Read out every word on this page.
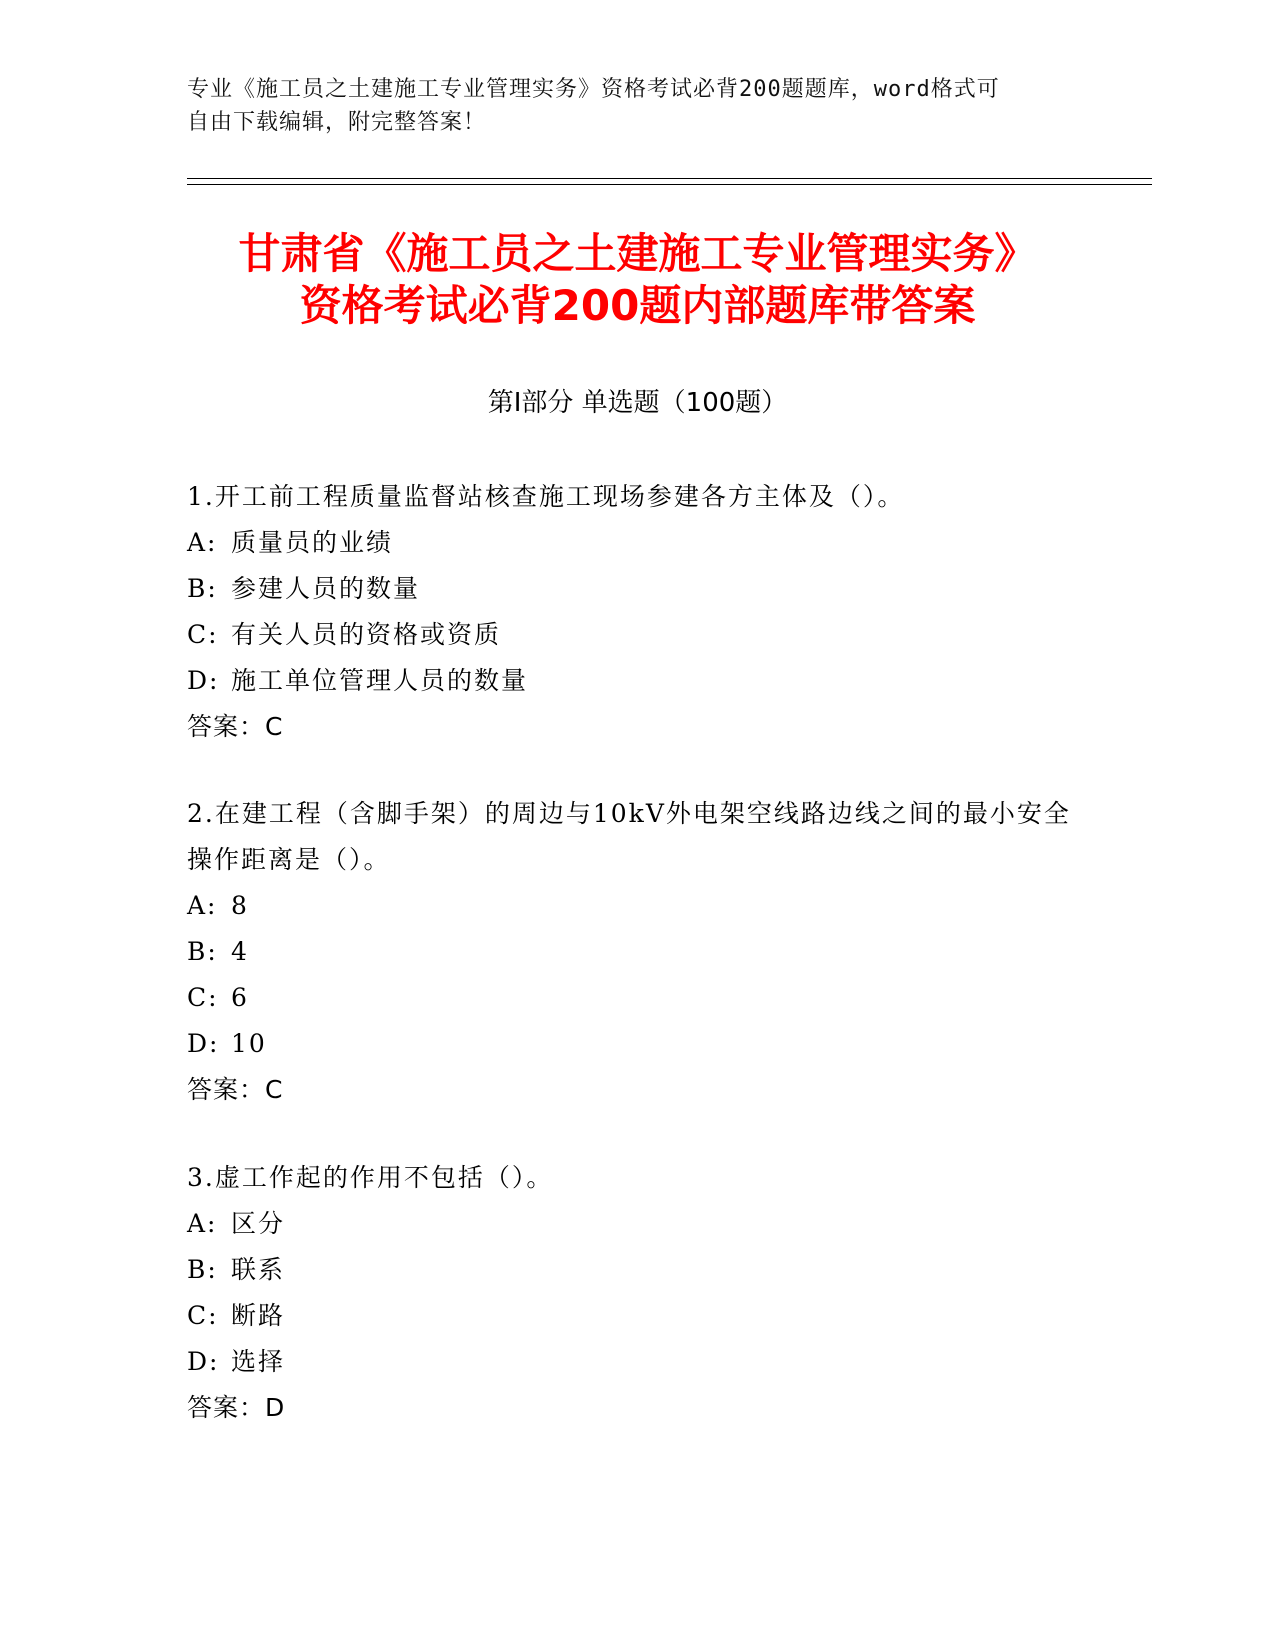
专业《施工员之土建施工专业管理实务》资格考试必背200题题库，word格式可
自由下载编辑，附完整答案！
甘肃省《施工员之土建施工专业管理实务》
资格考试必背200题内部题库带答案
第Ⅰ部分 单选题（100题）

1.开工前工程质量监督站核查施工现场参建各方主体及（）。

A: 质量员的业绩
B: 参建人员的数量
C: 有关人员的资格或资质
D: 施工单位管理人员的数量
答案：C

2.在建工程（含脚手架）的周边与10kV外电架空线路边线之间的最小安全操作距离是（）。

A: 8
B: 4
C: 6
D: 10
答案：C

3.虚工作起的作用不包括（）。

A: 区分
B: 联系
C: 断路
D: 选择
答案：D
